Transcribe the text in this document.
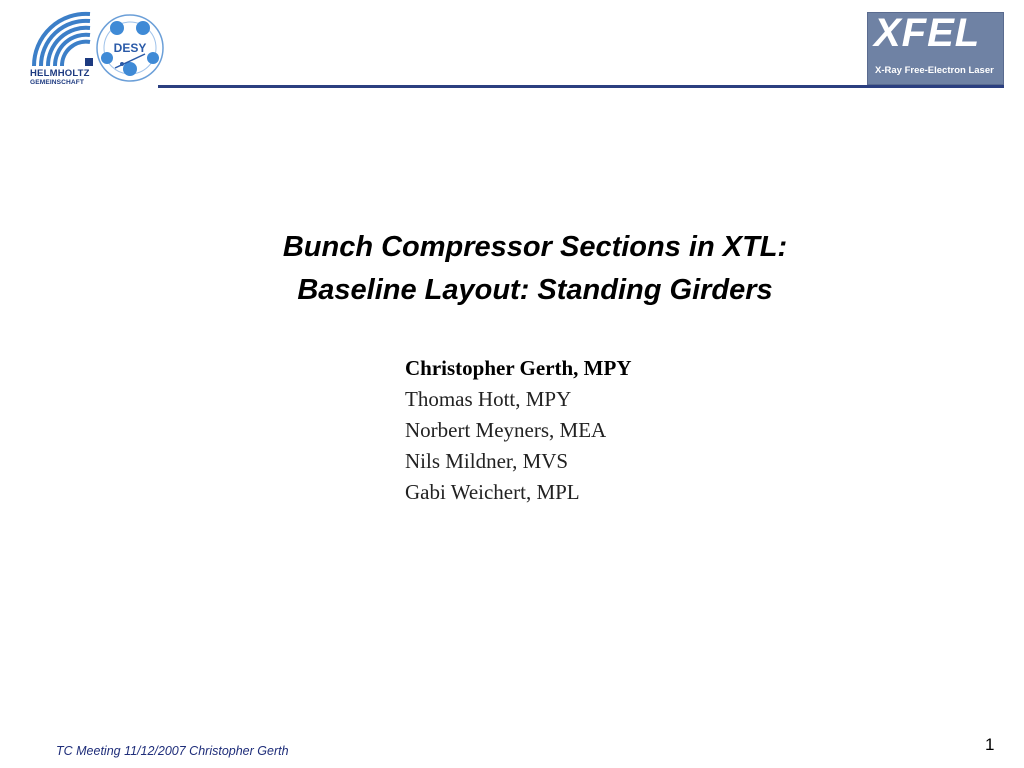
HELMHOLTZ
GEMEINSCHAFT
DESY	XFEL
X-Ray Free-Electron Laser
Bunch Compressor Sections in XTL:
Baseline Layout: Standing Girders
Christopher Gerth, MPY
Thomas Hott, MPY
Norbert Meyners, MEA
Nils Mildner, MVS
Gabi Weichert, MPL
TC Meeting 11/12/2007 Christopher Gerth	1
